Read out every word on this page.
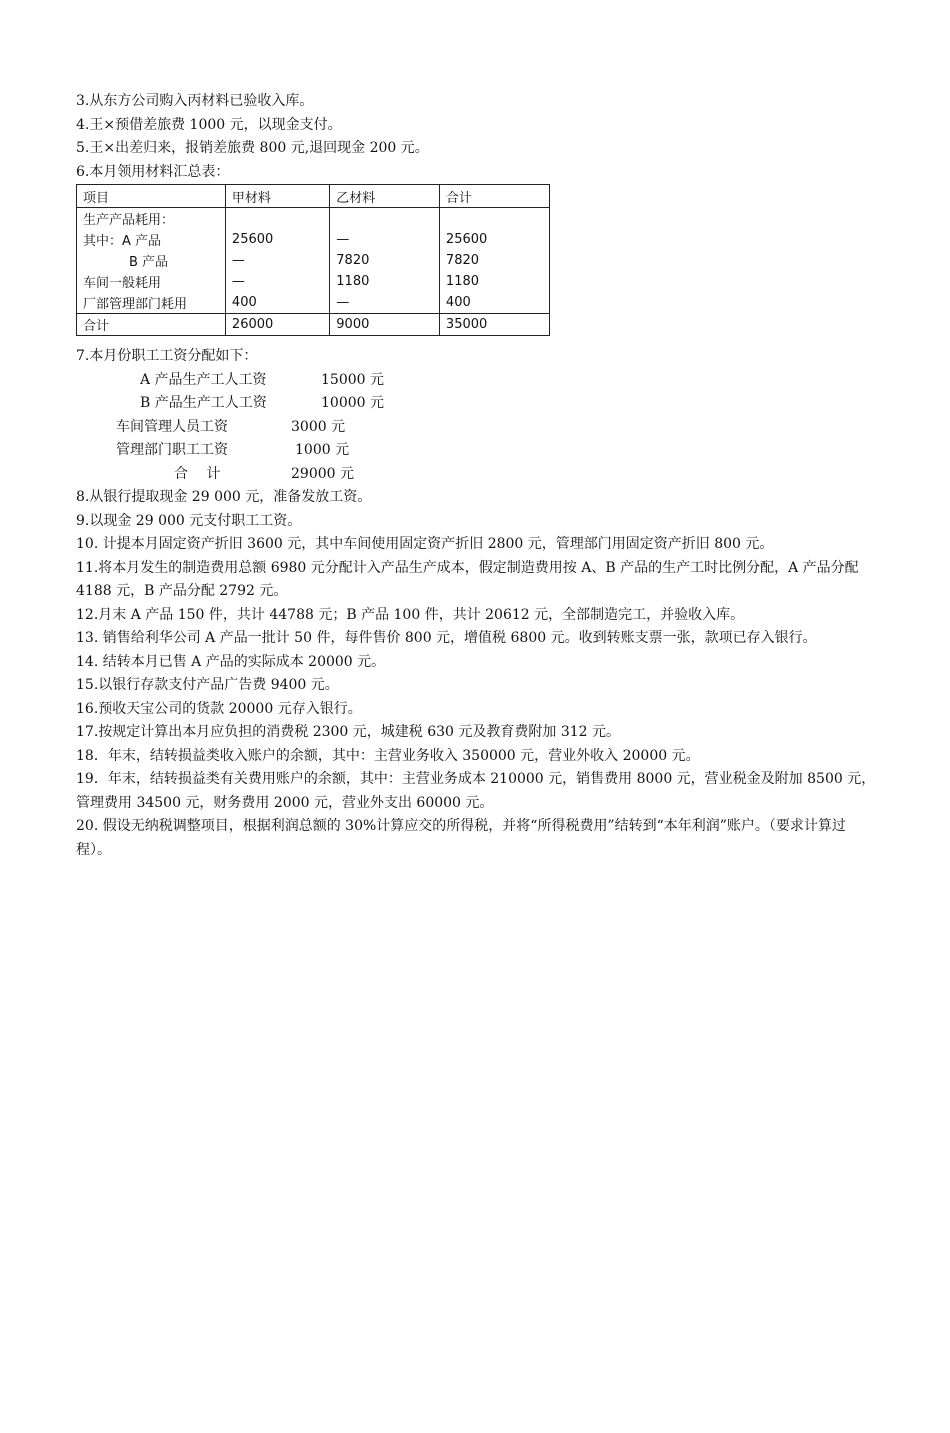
3.从东方公司购入丙材料已验收入库。
4.王×预借差旅费 1000 元，以现金支付。
5.王×出差归来，报销差旅费 800 元,退回现金 200 元。
6.本月领用材料汇总表：
项目	甲材料	乙材料	合计
生产产品耗用：			
其中：A 产品	25600	—	25600
B 产品	—	7820	7820
车间一般耗用	—	1180	1180
厂部管理部门耗用	400	—	400
合计	26000	9000	35000
7.本月份职工工资分配如下：
A 产品生产工人工资	15000 元
B 产品生产工人工资	10000 元
车间管理人员工资	3000 元
管理部门职工工资	1000 元
合　 计	29000 元
8.从银行提取现金 29 000 元，准备发放工资。
9.以现金 29 000 元支付职工工资。
10. 计提本月固定资产折旧 3600 元，其中车间使用固定资产折旧 2800 元，管理部门用固定资产折旧 800 元。
11.将本月发生的制造费用总额 6980 元分配计入产品生产成本，假定制造费用按 A、B 产品的生产工时比例分配，A 产品分配 4188 元，B 产品分配 2792 元。
12.月末 A 产品 150 件，共计 44788 元；B 产品 100 件，共计 20612 元，全部制造完工，并验收入库。
13. 销售给利华公司 A 产品一批计 50 件，每件售价 800 元，增值税 6800 元。收到转账支票一张，款项已存入银行。
14. 结转本月已售 A 产品的实际成本 20000 元。
15.以银行存款支付产品广告费 9400 元。
16.预收天宝公司的货款 20000 元存入银行。
17.按规定计算出本月应负担的消费税 2300 元，城建税 630 元及教育费附加 312 元。
18．年末，结转损益类收入账户的余额，其中：主营业务收入 350000 元，营业外收入 20000 元。
19．年末，结转损益类有关费用账户的余额，其中：主营业务成本 210000 元，销售费用 8000 元，营业税金及附加 8500 元，管理费用 34500 元，财务费用 2000 元，营业外支出 60000 元。
20. 假设无纳税调整项目，根据利润总额的 30%计算应交的所得税，并将“所得税费用”结转到“本年利润”账户。（要求计算过程）。
